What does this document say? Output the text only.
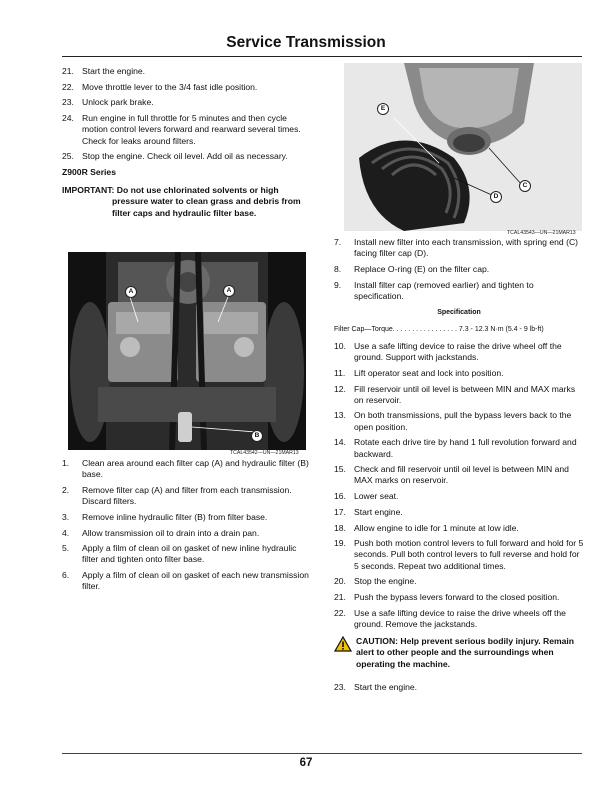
Service Transmission
21. Start the engine.
22. Move throttle lever to the 3/4 fast idle position.
23. Unlock park brake.
24. Run engine in full throttle for 5 minutes and then cycle motion control levers forward and rearward several times. Check for leaks around filters.
25. Stop the engine. Check oil level. Add oil as necessary.
Z900R Series
IMPORTANT: Do not use chlorinated solvents or high pressure water to clean grass and debris from filter caps and hydraulic filter base.
A	A
B
TCAL43542—UN—21MAR13
1. Clean area around each filter cap (A) and hydraulic filter (B) base.
2. Remove filter cap (A) and filter from each transmission. Discard filters.
3. Remove inline hydraulic filter (B) from filter base.
4. Allow transmission oil to drain into a drain pan.
5. Apply a film of clean oil on gasket of new inline hydraulic filter and tighten onto filter base.
6. Apply a film of clean oil on gasket of each new transmission filter.
E
C
D
TCAL43543—UN—21MAR13
7. Install new filter into each transmission, with spring end (C) facing filter cap (D).
8. Replace O-ring (E) on the filter cap.
9. Install filter cap (removed earlier) and tighten to specification.
Specification
Filter Cap—Torque. . . . . . . . . . . . . . . . . 7.3 - 12.3 N·m (5.4 - 9 lb-ft)
10. Use a safe lifting device to raise the drive wheel off the ground. Support with jackstands.
11. Lift operator seat and lock into position.
12. Fill reservoir until oil level is between MIN and MAX marks on reservoir.
13. On both transmissions, pull the bypass levers back to the open position.
14. Rotate each drive tire by hand 1 full revolution forward and backward.
15. Check and fill reservoir until oil level is between MIN and MAX marks on reservoir.
16. Lower seat.
17. Start engine.
18. Allow engine to idle for 1 minute at low idle.
19. Push both motion control levers to full forward and hold for 5 seconds. Pull both control levers to full reverse and hold for 5 seconds. Repeat two additional times.
20. Stop the engine.
21. Push the bypass levers forward to the closed position.
22. Use a safe lifting device to raise the drive wheels off the ground. Remove the jackstands.
CAUTION: Help prevent serious bodily injury. Remain alert to other people and the surroundings when operating the machine.
23. Start the engine.
67
